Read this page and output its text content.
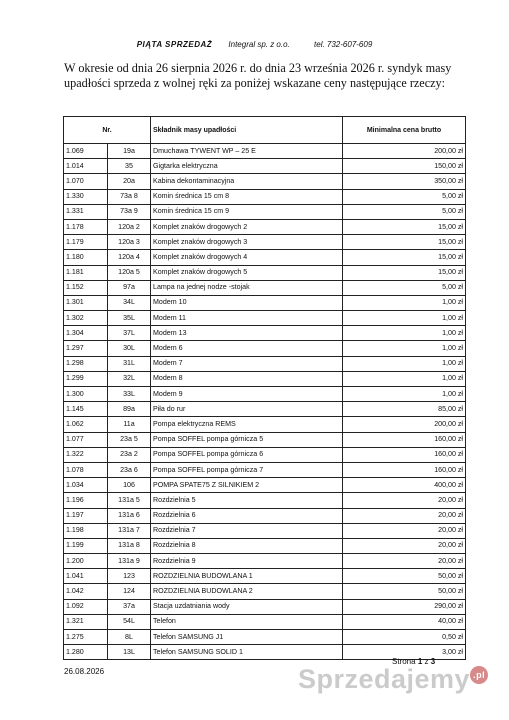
PIĄTA SPRZEDAŻ Integral sp. z o.o.	tel. 732-607-609
W okresie od dnia 26 sierpnia 2026 r. do dnia 23 września 2026 r. syndyk masy upadłości sprzeda z wolnej ręki za poniżej wskazane ceny następujące rzeczy:
Nr.		Składnik masy upadłości	Minimalna cena brutto
1.069	19a	Dmuchawa TYWENT WP – 25 E	200,00 zł
1.014	35	Gigtarka elektryczna	150,00 zł
1.070	20a	Kabina dekontaminacyjna	350,00 zł
1.330	73a 8	Komin średnica 15 cm 8	5,00 zł
1.331	73a 9	Komin średnica 15 cm 9	5,00 zł
1.178	120a 2	Komplet znaków drogowych 2	15,00 zł
1.179	120a 3	Komplet znaków drogowych 3	15,00 zł
1.180	120a 4	Komplet znaków drogowych 4	15,00 zł
1.181	120a 5	Komplet znaków drogowych 5	15,00 zł
1.152	97a	Lampa na jednej nodze -stojak	5,00 zł
1.301	34L	Modem 10	1,00 zł
1.302	35L	Modem 11	1,00 zł
1.304	37L	Modem 13	1,00 zł
1.297	30L	Modem 6	1,00 zł
1.298	31L	Modem 7	1,00 zł
1.299	32L	Modem 8	1,00 zł
1.300	33L	Modem 9	1,00 zł
1.145	89a	Piła do rur	85,00 zł
1.062	11a	Pompa elektryczna REMS	200,00 zł
1.077	23a 5	Pompa SOFFEL pompa górnicza 5	160,00 zł
1.322	23a 2	Pompa SOFFEL pompa górnicza 6	160,00 zł
1.078	23a 6	Pompa SOFFEL pompa górnicza 7	160,00 zł
1.034	106	POMPA SPATE75 Z SILNIKIEM 2	400,00 zł
1.196	131a 5	Rozdzielnia 5	20,00 zł
1.197	131a 6	Rozdzielnia 6	20,00 zł
1.198	131a 7	Rozdzielnia 7	20,00 zł
1.199	131a 8	Rozdzielnia 8	20,00 zł
1.200	131a 9	Rozdzielnia 9	20,00 zł
1.041	123	ROZDZIELNIA BUDOWLANA 1	50,00 zł
1.042	124	ROZDZIELNIA BUDOWLANA 2	50,00 zł
1.092	37a	Stacja uzdatniania wody	290,00 zł
1.321	54L	Telefon	40,00 zł
1.275	8L	Telefon SAMSUNG J1	0,50 zł
1.280	13L	Telefon SAMSUNG SOLID 1	3,00 zł
26.08.2026
Strona 1 z 3
Sprzedajemy .pl
